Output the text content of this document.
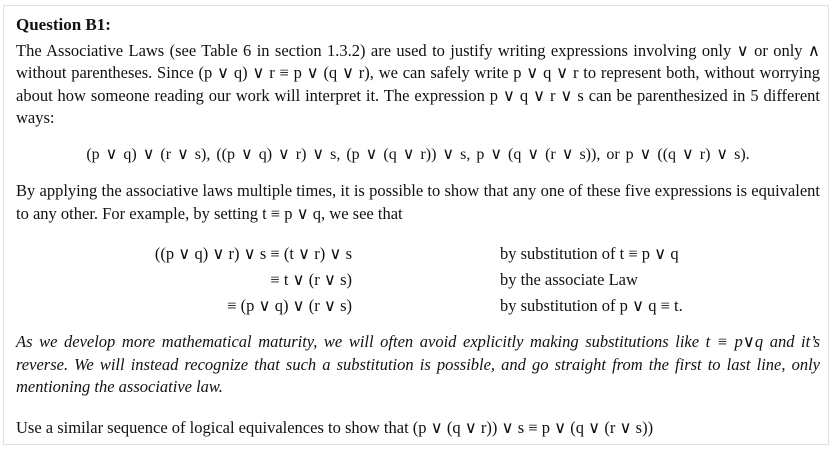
Question B1:

The Associative Laws (see Table 6 in section 1.3.2) are used to justify writing expressions involving only ∨ or only ∧ without parentheses. Since (p ∨ q) ∨ r ≡ p ∨ (q ∨ r), we can safely write p ∨ q ∨ r to represent both, without worrying about how someone reading our work will interpret it. The expression p ∨ q ∨ r ∨ s can be parenthesized in 5 different ways:

(p ∨ q) ∨ (r ∨ s), ((p ∨ q) ∨ r) ∨ s, (p ∨ (q ∨ r)) ∨ s, p ∨ (q ∨ (r ∨ s)), or p ∨ ((q ∨ r) ∨ s).

By applying the associative laws multiple times, it is possible to show that any one of these five expressions is equivalent to any other. For example, by setting t ≡ p ∨ q, we see that

((p ∨ q) ∨ r) ∨ s ≡ (t ∨ r) ∨ s	by substitution of t ≡ p ∨ q
≡ t ∨ (r ∨ s)	by the associate Law
≡ (p ∨ q) ∨ (r ∨ s)	by substitution of p ∨ q ≡ t.

As we develop more mathematical maturity, we will often avoid explicitly making substitutions like t ≡ p∨q and it’s reverse. We will instead recognize that such a substitution is possible, and go straight from the first to last line, only mentioning the associative law.

Use a similar sequence of logical equivalences to show that (p ∨ (q ∨ r)) ∨ s ≡ p ∨ (q ∨ (r ∨ s))
